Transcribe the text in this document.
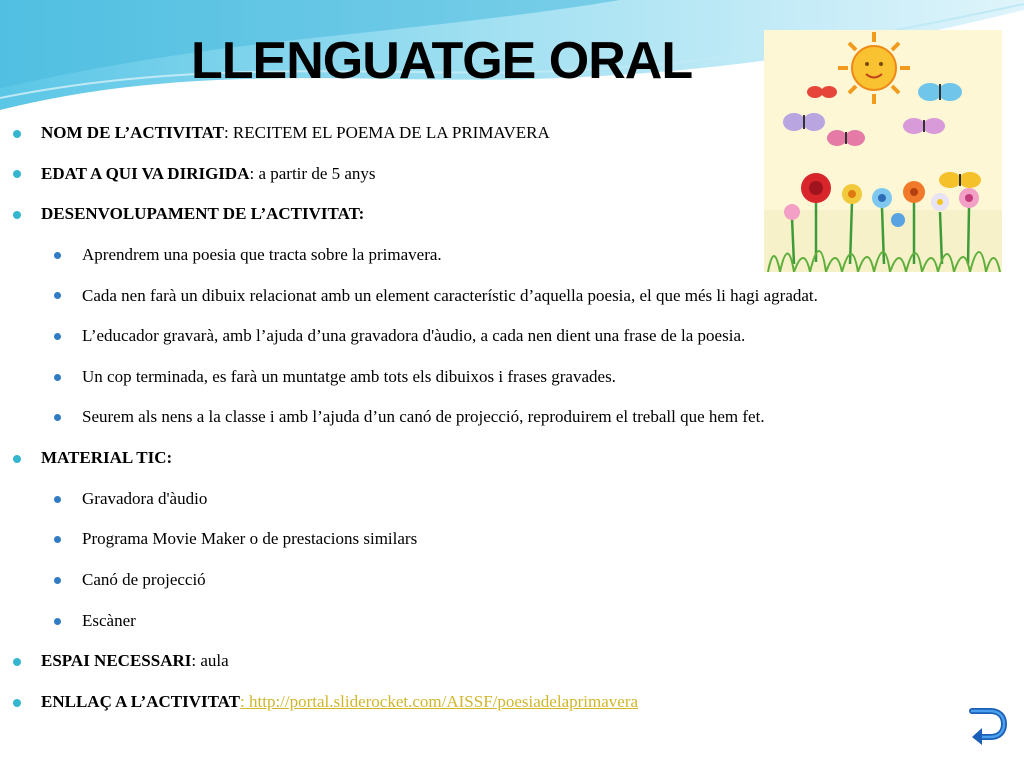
LLENGUATGE ORAL
NOM DE L’ACTIVITAT: RECITEM EL POEMA DE LA PRIMAVERA
EDAT A QUI VA DIRIGIDA: a partir de 5 anys
DESENVOLUPAMENT DE L’ACTIVITAT:
Aprendrem una poesia que tracta sobre la primavera.
Cada nen farà un dibuix relacionat amb un element característic d’aquella poesia, el que més li hagi agradat.
L’educador gravarà, amb l’ajuda d’una gravadora d'àudio, a cada nen dient una frase de la poesia.
Un cop terminada, es farà un muntatge amb tots els dibuixos i frases gravades.
Seurem als nens a la classe i amb l’ajuda d’un canó de projecció, reproduirem el treball que hem fet.
MATERIAL TIC:
Gravadora d'àudio
Programa Movie Maker o de prestacions similars
Canó de projecció
Escàner
ESPAI NECESSARI: aula
ENLLAÇ A L’ACTIVITAT: http://portal.sliderocket.com/AISSF/poesiadelaprimavera
